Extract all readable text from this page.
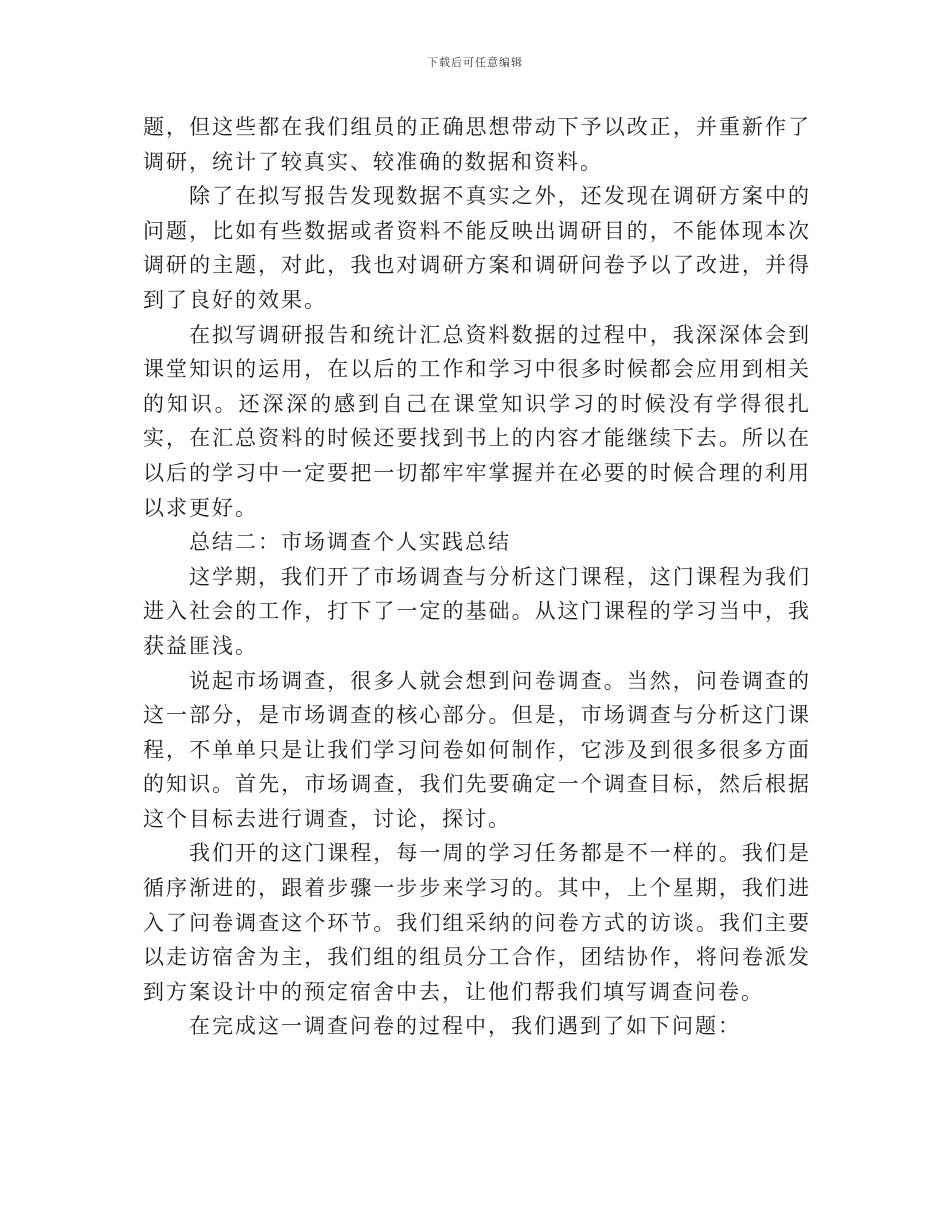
下载后可任意编辑

题，但这些都在我们组员的正确思想带动下予以改正，并重新作了调研，统计了较真实、较准确的数据和资料。

除了在拟写报告发现数据不真实之外，还发现在调研方案中的问题，比如有些数据或者资料不能反映出调研目的，不能体现本次调研的主题，对此，我也对调研方案和调研问卷予以了改进，并得到了良好的效果。

在拟写调研报告和统计汇总资料数据的过程中，我深深体会到课堂知识的运用，在以后的工作和学习中很多时候都会应用到相关的知识。还深深的感到自己在课堂知识学习的时候没有学得很扎实，在汇总资料的时候还要找到书上的内容才能继续下去。所以在以后的学习中一定要把一切都牢牢掌握并在必要的时候合理的利用以求更好。

总结二：市场调查个人实践总结

这学期，我们开了市场调查与分析这门课程，这门课程为我们进入社会的工作，打下了一定的基础。从这门课程的学习当中，我获益匪浅。

说起市场调查，很多人就会想到问卷调查。当然，问卷调查的这一部分，是市场调查的核心部分。但是，市场调查与分析这门课程，不单单只是让我们学习问卷如何制作，它涉及到很多很多方面的知识。首先，市场调查，我们先要确定一个调查目标，然后根据这个目标去进行调查，讨论，探讨。

我们开的这门课程，每一周的学习任务都是不一样的。我们是循序渐进的，跟着步骤一步步来学习的。其中，上个星期，我们进入了问卷调查这个环节。我们组采纳的问卷方式的访谈。我们主要以走访宿舍为主，我们组的组员分工合作，团结协作，将问卷派发到方案设计中的预定宿舍中去，让他们帮我们填写调查问卷。

在完成这一调查问卷的过程中，我们遇到了如下问题：
